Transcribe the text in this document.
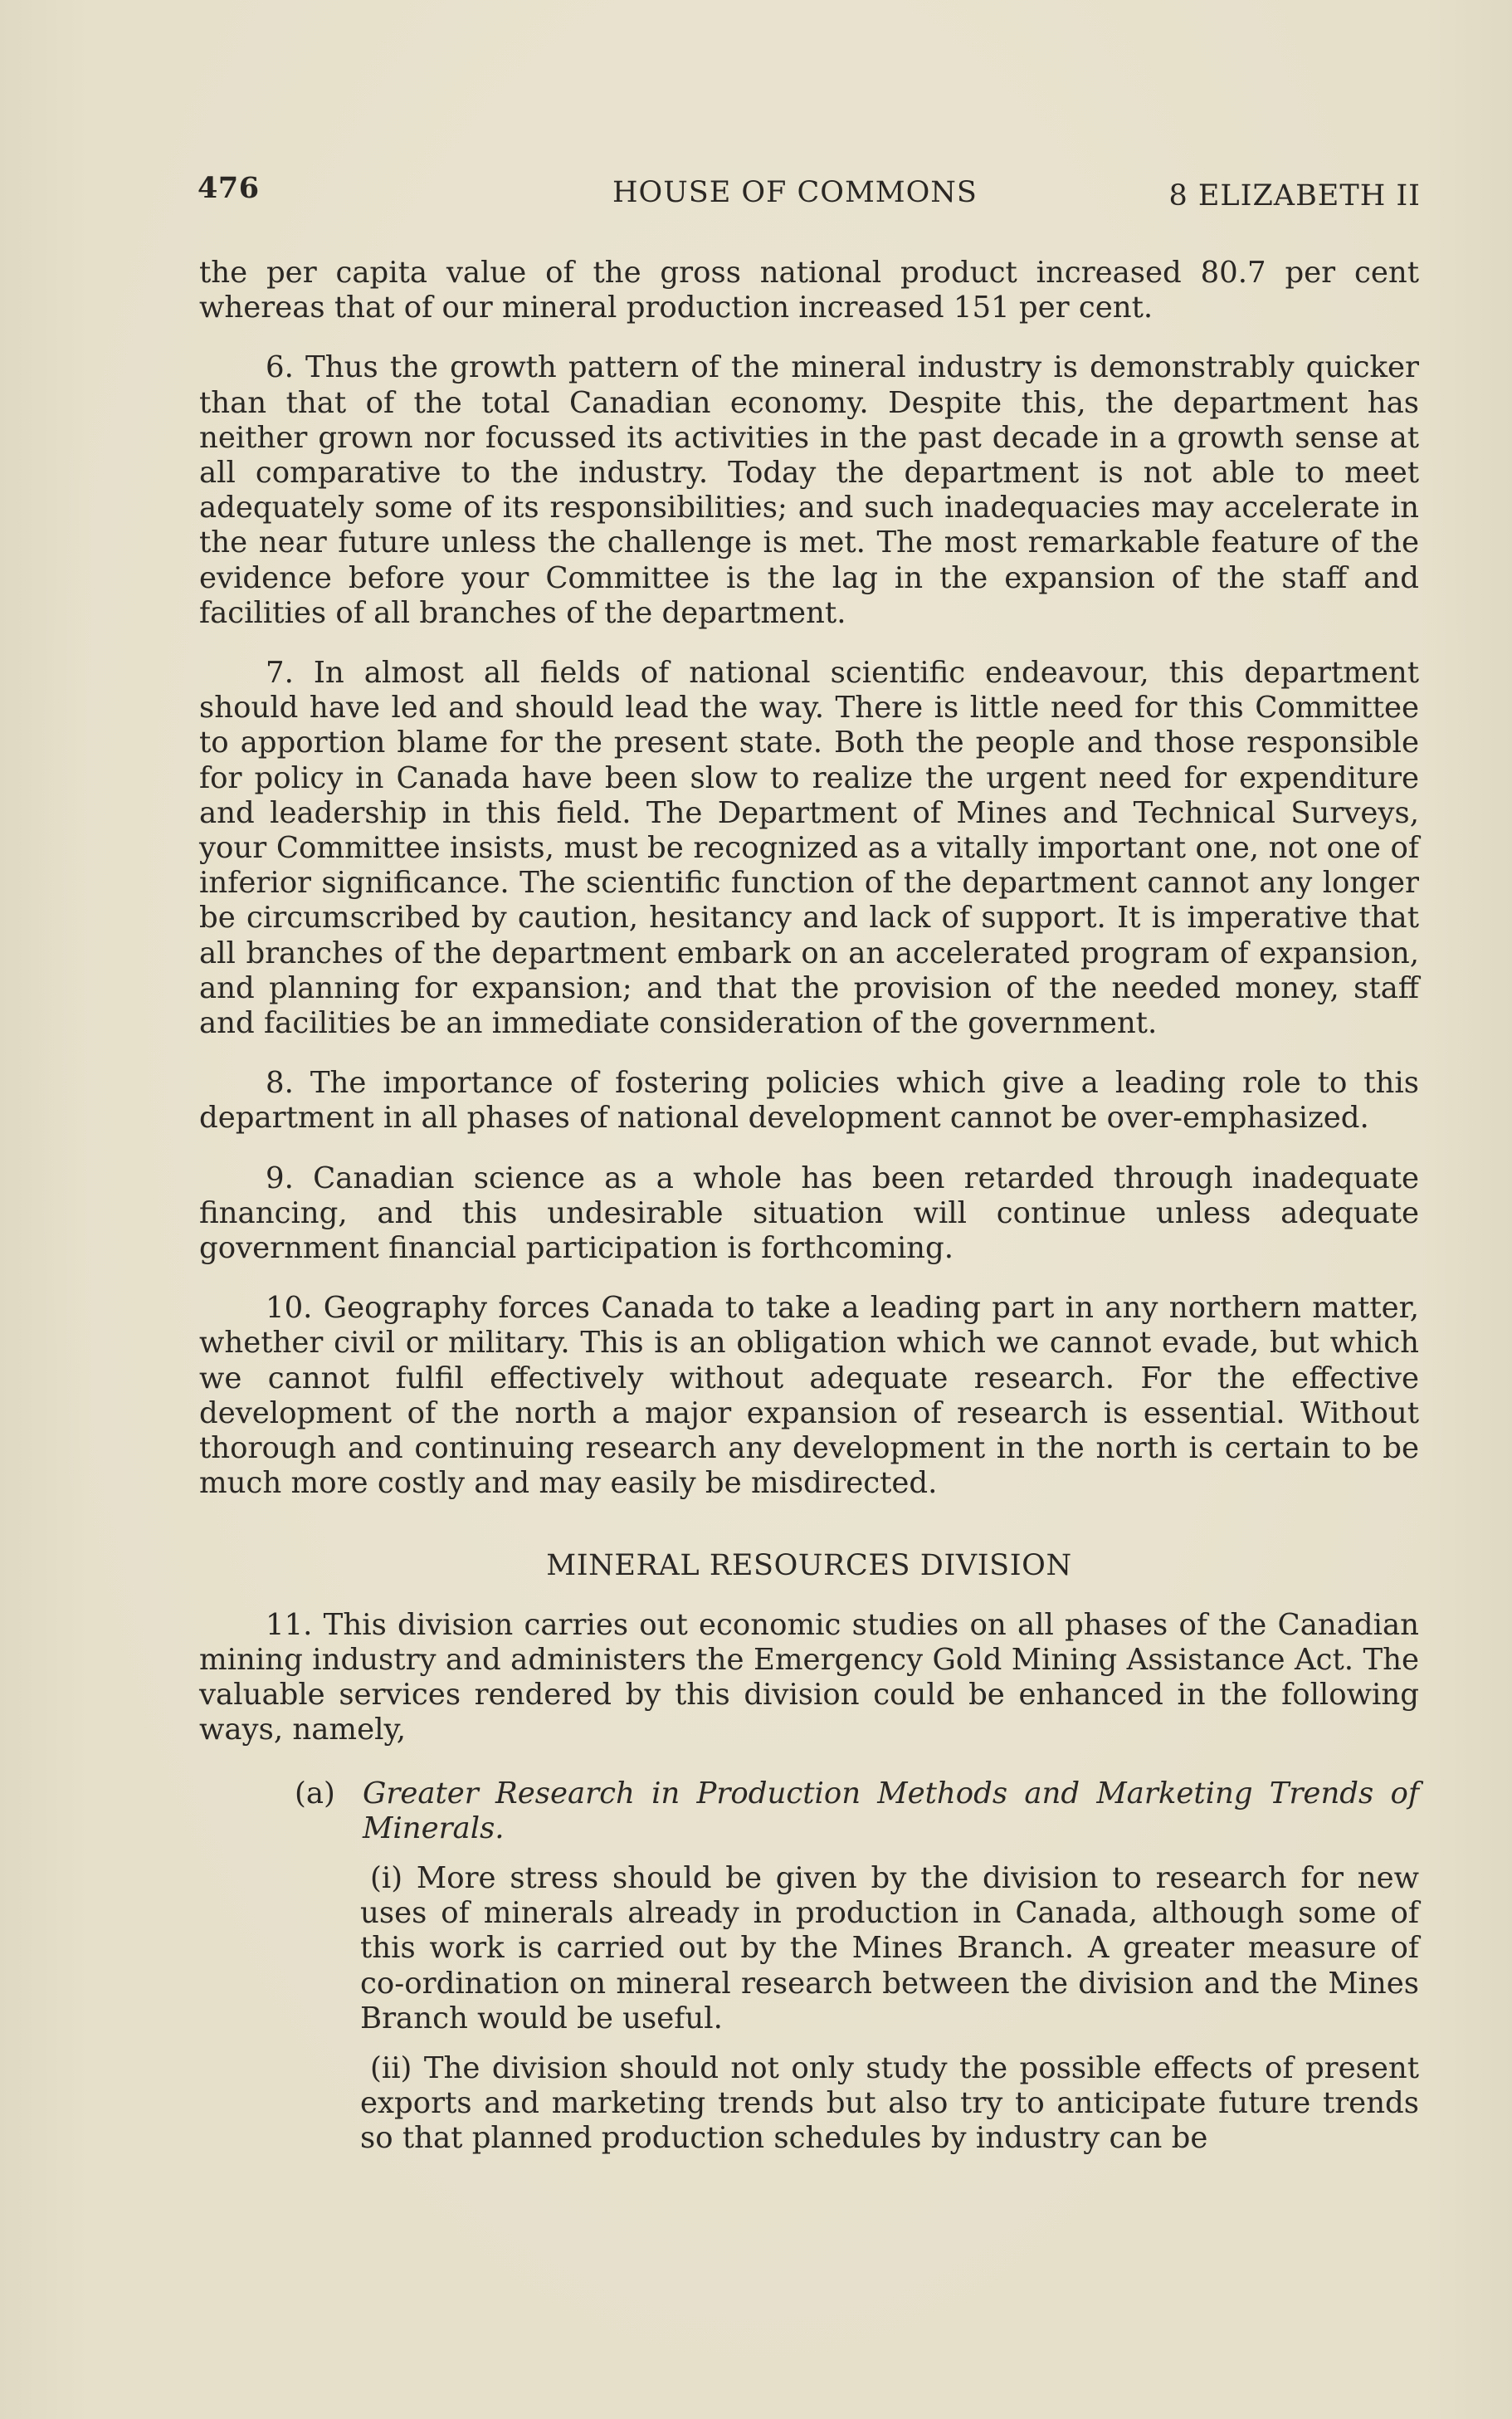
476	HOUSE OF COMMONS	8 ELIZABETH II

the per capita value of the gross national product increased 80.7 per cent whereas that of our mineral production increased 151 per cent.

6. Thus the growth pattern of the mineral industry is demonstrably quicker than that of the total Canadian economy. Despite this, the department has neither grown nor focussed its activities in the past decade in a growth sense at all comparative to the industry. Today the department is not able to meet adequately some of its responsibilities; and such inadequacies may accelerate in the near future unless the challenge is met. The most remarkable feature of the evidence before your Committee is the lag in the expansion of the staff and facilities of all branches of the department.

7. In almost all fields of national scientific endeavour, this department should have led and should lead the way. There is little need for this Committee to apportion blame for the present state. Both the people and those responsible for policy in Canada have been slow to realize the urgent need for expenditure and leadership in this field. The Department of Mines and Technical Surveys, your Committee insists, must be recognized as a vitally important one, not one of inferior significance. The scientific function of the department cannot any longer be circumscribed by caution, hesitancy and lack of support. It is imperative that all branches of the department embark on an accelerated program of expansion, and planning for expansion; and that the provision of the needed money, staff and facilities be an immediate consideration of the government.

8. The importance of fostering policies which give a leading role to this department in all phases of national development cannot be over-emphasized.

9. Canadian science as a whole has been retarded through inadequate financing, and this undesirable situation will continue unless adequate government financial participation is forthcoming.

10. Geography forces Canada to take a leading part in any northern matter, whether civil or military. This is an obligation which we cannot evade, but which we cannot fulfil effectively without adequate research. For the effective development of the north a major expansion of research is essential. Without thorough and continuing research any development in the north is certain to be much more costly and may easily be misdirected.

MINERAL RESOURCES DIVISION

11. This division carries out economic studies on all phases of the Canadian mining industry and administers the Emergency Gold Mining Assistance Act. The valuable services rendered by this division could be enhanced in the following ways, namely,

(a) Greater Research in Production Methods and Marketing Trends of Minerals.

(i) More stress should be given by the division to research for new uses of minerals already in production in Canada, although some of this work is carried out by the Mines Branch. A greater measure of co-ordination on mineral research between the division and the Mines Branch would be useful.

(ii) The division should not only study the possible effects of present exports and marketing trends but also try to anticipate future trends so that planned production schedules by industry can be
